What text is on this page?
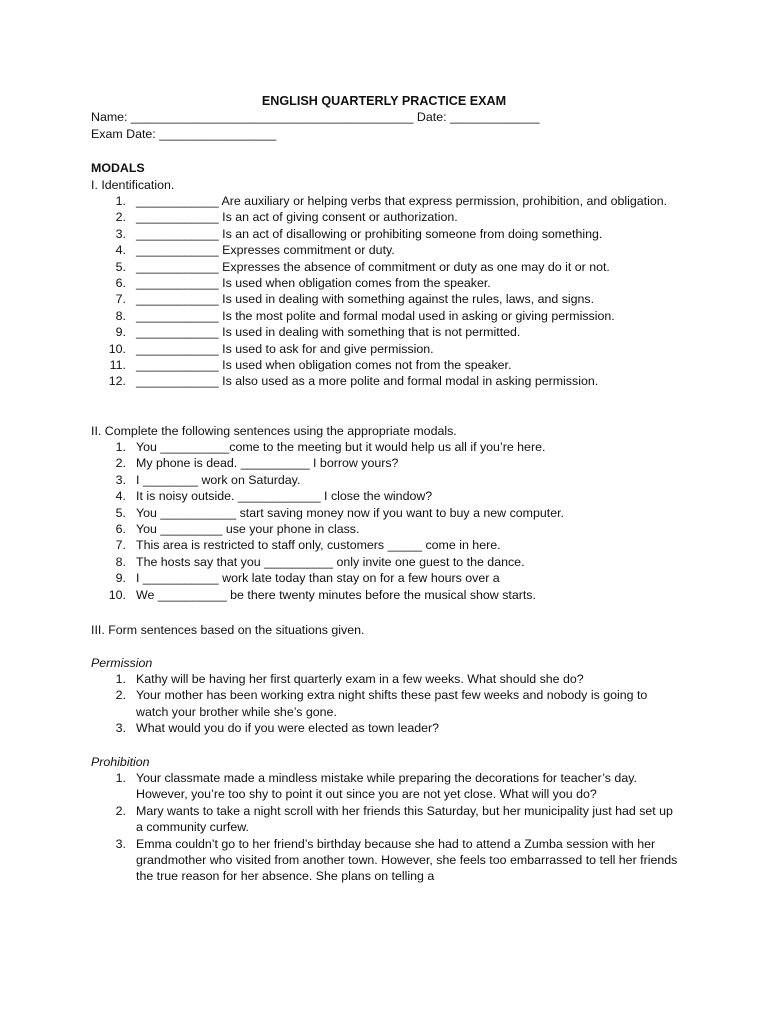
ENGLISH QUARTERLY PRACTICE EXAM
Name: _________________________________________ Date: _____________
Exam Date: _________________
MODALS
I. Identification.
1 . ____________ Are auxiliary or helping verbs that express permission, prohibition, and obligation.
2 . ____________ Is an act of giving consent or authorization.
3 . ____________ Is an act of disallowing or prohibiting someone from doing something.
4 . ____________ Expresses commitment or duty.
5 . ____________ Expresses the absence of commitment or duty as one may do it or not.
6 . ____________ Is used when obligation comes from the speaker.
7 . ____________ Is used in dealing with something against the rules, laws, and signs.
8 . ____________ Is the most polite and formal modal used in asking or giving permission.
9 . ____________ Is used in dealing with something that is not permitted.
10 . ____________ Is used to ask for and give permission.
11 . ____________ Is used when obligation comes not from the speaker.
12 . ____________ Is also used as a more polite and formal modal in asking permission.
II. Complete the following sentences using the appropriate modals.
1 . You __________come to the meeting but it would help us all if you’re here.
2 . My phone is dead. __________ I borrow yours?
3 . I ________ work on Saturday.
4 . It is noisy outside. ____________ I close the window?
5 . You ___________ start saving money now if you want to buy a new computer.
6 . You _________ use your phone in class.
7 . This area is restricted to staff only, customers _____ come in here.
8 . The hosts say that you __________ only invite one guest to the dance.
9 . I ___________ work late today than stay on for a few hours over a
10 . We __________ be there twenty minutes before the musical show starts.
III. Form sentences based on the situations given.
Permission
1 . Kathy will be having her first quarterly exam in a few weeks. What should she do?
2 . Your mother has been working extra night shifts these past few weeks and nobody is going to watch your brother while she’s gone.
3 . What would you do if you were elected as town leader?
Prohibition
1 . Your classmate made a mindless mistake while preparing the decorations for teacher’s day. However, you’re too shy to point it out since you are not yet close. What will you do?
2 . Mary wants to take a night scroll with her friends this Saturday, but her municipality just had set up a community curfew.
3 . Emma couldn’t go to her friend’s birthday because she had to attend a Zumba session with her grandmother who visited from another town. However, she feels too embarrassed to tell her friends the true reason for her absence. She plans on telling a
